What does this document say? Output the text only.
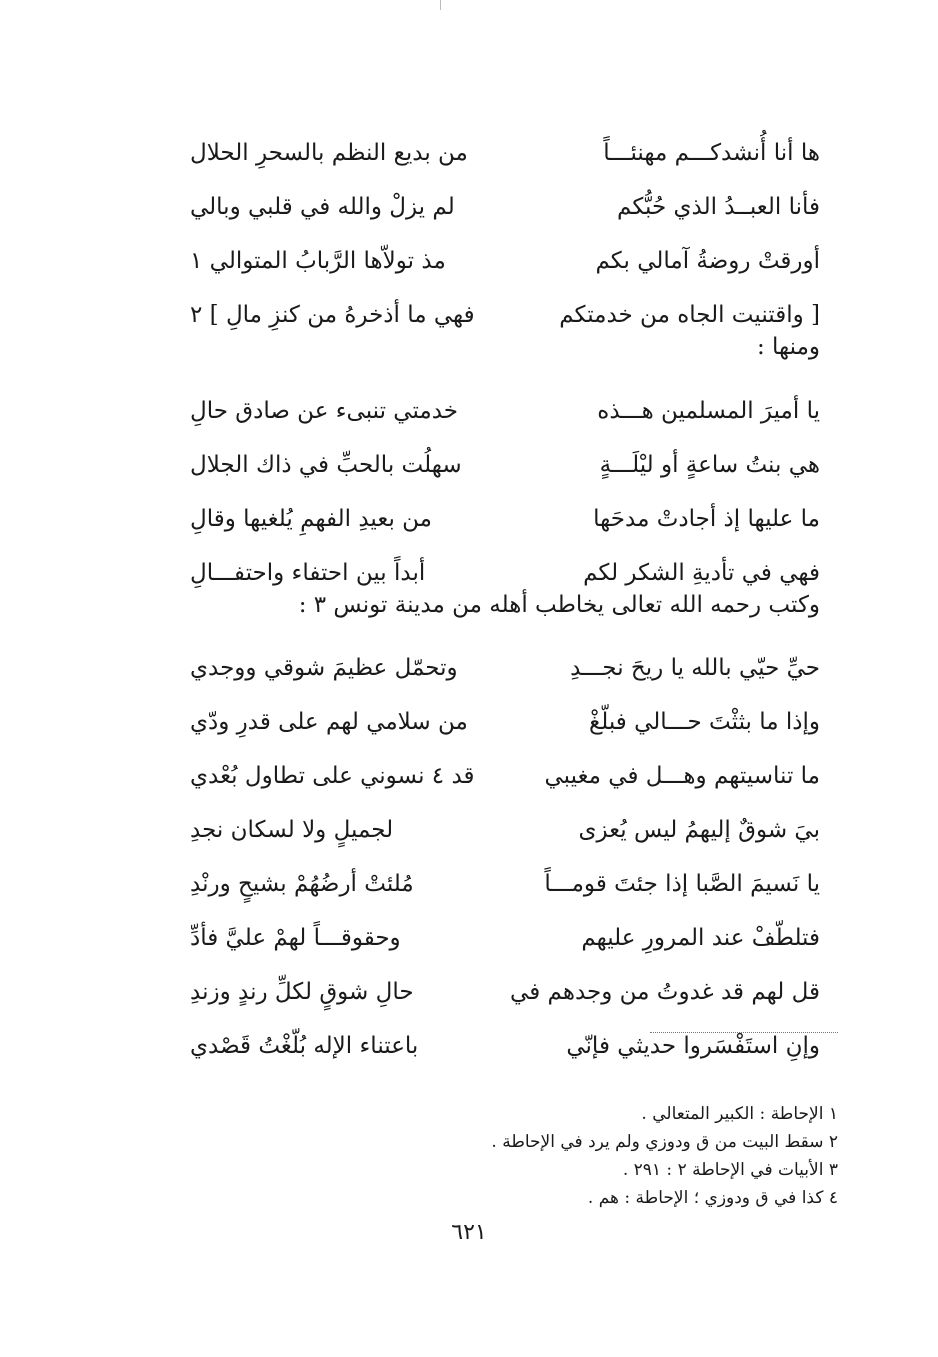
ها أنا أُنشدكـــم مهنئـــاً
من بديع النظم بالسحرِ الحلال
فأنا العبــدُ الذي حُبُّكم
لم يزلْ والله في قلبي وبالي
أورقتْ روضةُ آمالي بكم
مذ تولاّها الرَّبابُ المتوالي ١
[ واقتنيت الجاه من خدمتكم
فهي ما أذخرهُ من كنزِ مالِ ] ٢
ومنها :
يا أميرَ المسلمين هـــذه
خدمتي تنبىء عن صادق حالِ
هي بنتُ ساعةٍ أو ليْلَـــةٍ
سهلُت بالحبِّ في ذاك الجلال
ما عليها إذ أجادتْ مدحَها
من بعيدِ الفهمِ يُلغيها وقالِ
فهي في تأديةِ الشكر لكم
أبداً بين احتفاء واحتفـــالِ
وكتب رحمه الله تعالى يخاطب أهله من مدينة تونس ٣ :
حيِّ حيّي بالله يا ريحَ نجـــدِ
وتحمّل عظيمَ شوقي ووجدي
وإذا ما بثثْتَ حـــالي فبلّغْ
من سلامي لهم على قدرِ ودّي
ما تناسيتهم وهـــل في مغيبي
قد ٤ نسوني على تطاول بُعْدي
بيَ شوقٌ إليهمُ ليس يُعزى
لجميلٍ ولا لسكان نجدِ
يا نَسيمَ الصَّبا إذا جئتَ قومـــاً
مُلئتْ أرضُهُمْ بشيحٍ ورنْدِ
فتلطّفْ عند المرورِ عليهم
وحقوقـــاً لهمْ عليَّ فأدِّ
قل لهم قد غدوتُ من وجدهم في
حالِ شوقٍ لكلِّ رندٍ وزندِ
وإنِ استَفْسَروا حديثي فإنّي
باعتناء الإله بُلّغْتُ قَصْدي
١ الإحاطة : الكبير المتعالي .
٢ سقط البيت من ق ودوزي ولم يرد في الإحاطة .
٣ الأبيات في الإحاطة ٢ : ٢٩١ .
٤ كذا في ق ودوزي ؛ الإحاطة : هم .
٦٢١
